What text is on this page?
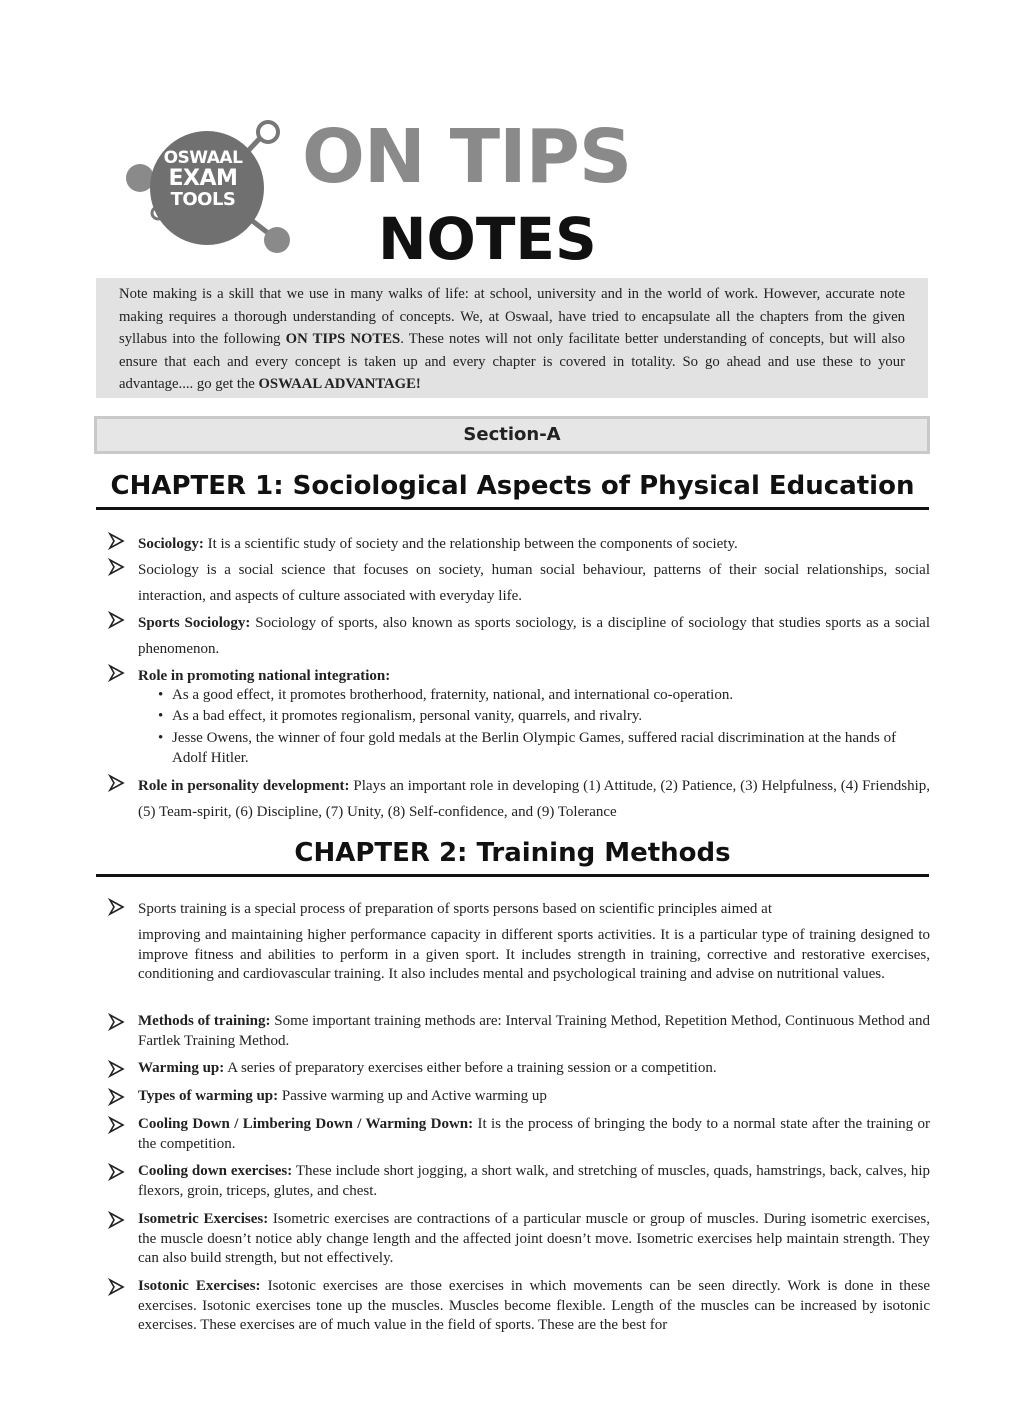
OSWAAL
EXAM
TOOLS ON TIPS
NOTES
Note making is a skill that we use in many walks of life: at school, university and in the world of work. However, accurate note making requires a thorough understanding of concepts. We, at Oswaal, have tried to encapsulate all the chapters from the given syllabus into the following ON TIPS NOTES. These notes will not only facilitate better understanding of concepts, but will also ensure that each and every concept is taken up and every chapter is covered in totality. So go ahead and use these to your advantage.... go get the OSWAAL ADVANTAGE!
Section-A
CHAPTER 1: Sociological Aspects of Physical Education
Sociology: It is a scientific study of society and the relationship between the components of society.
Sociology is a social science that focuses on society, human social behaviour, patterns of their social relationships, social interaction, and aspects of culture associated with everyday life.
Sports Sociology: Sociology of sports, also known as sports sociology, is a discipline of sociology that studies sports as a social phenomenon.
Role in promoting national integration:
• As a good effect, it promotes brotherhood, fraternity, national, and international co-operation.
• As a bad effect, it promotes regionalism, personal vanity, quarrels, and rivalry.
• Jesse Owens, the winner of four gold medals at the Berlin Olympic Games, suffered racial discrimination at the hands of Adolf Hitler.
Role in personality development: Plays an important role in developing (1) Attitude, (2) Patience, (3) Helpfulness, (4) Friendship, (5) Team-spirit, (6) Discipline, (7) Unity, (8) Self-confidence, and (9) Tolerance
CHAPTER 2: Training Methods
Sports training is a special process of preparation of sports persons based on scientific principles aimed at
improving and maintaining higher performance capacity in different sports activities. It is a particular type of training designed to improve fitness and abilities to perform in a given sport. It includes strength in training, corrective and restorative exercises, conditioning and cardiovascular training. It also includes mental and psychological training and advise on nutritional values.
Methods of training: Some important training methods are: Interval Training Method, Repetition Method, Continuous Method and Fartlek Training Method.
Warming up: A series of preparatory exercises either before a training session or a competition.
Types of warming up: Passive warming up and Active warming up
Cooling Down / Limbering Down / Warming Down: It is the process of bringing the body to a normal state after the training or the competition.
Cooling down exercises: These include short jogging, a short walk, and stretching of muscles, quads, hamstrings, back, calves, hip flexors, groin, triceps, glutes, and chest.
Isometric Exercises: Isometric exercises are contractions of a particular muscle or group of muscles. During isometric exercises, the muscle doesn’t notice ably change length and the affected joint doesn’t move. Isometric exercises help maintain strength. They can also build strength, but not effectively.
Isotonic Exercises: Isotonic exercises are those exercises in which movements can be seen directly. Work is done in these exercises. Isotonic exercises tone up the muscles. Muscles become flexible. Length of the muscles can be increased by isotonic exercises. These exercises are of much value in the field of sports. These are the best for
